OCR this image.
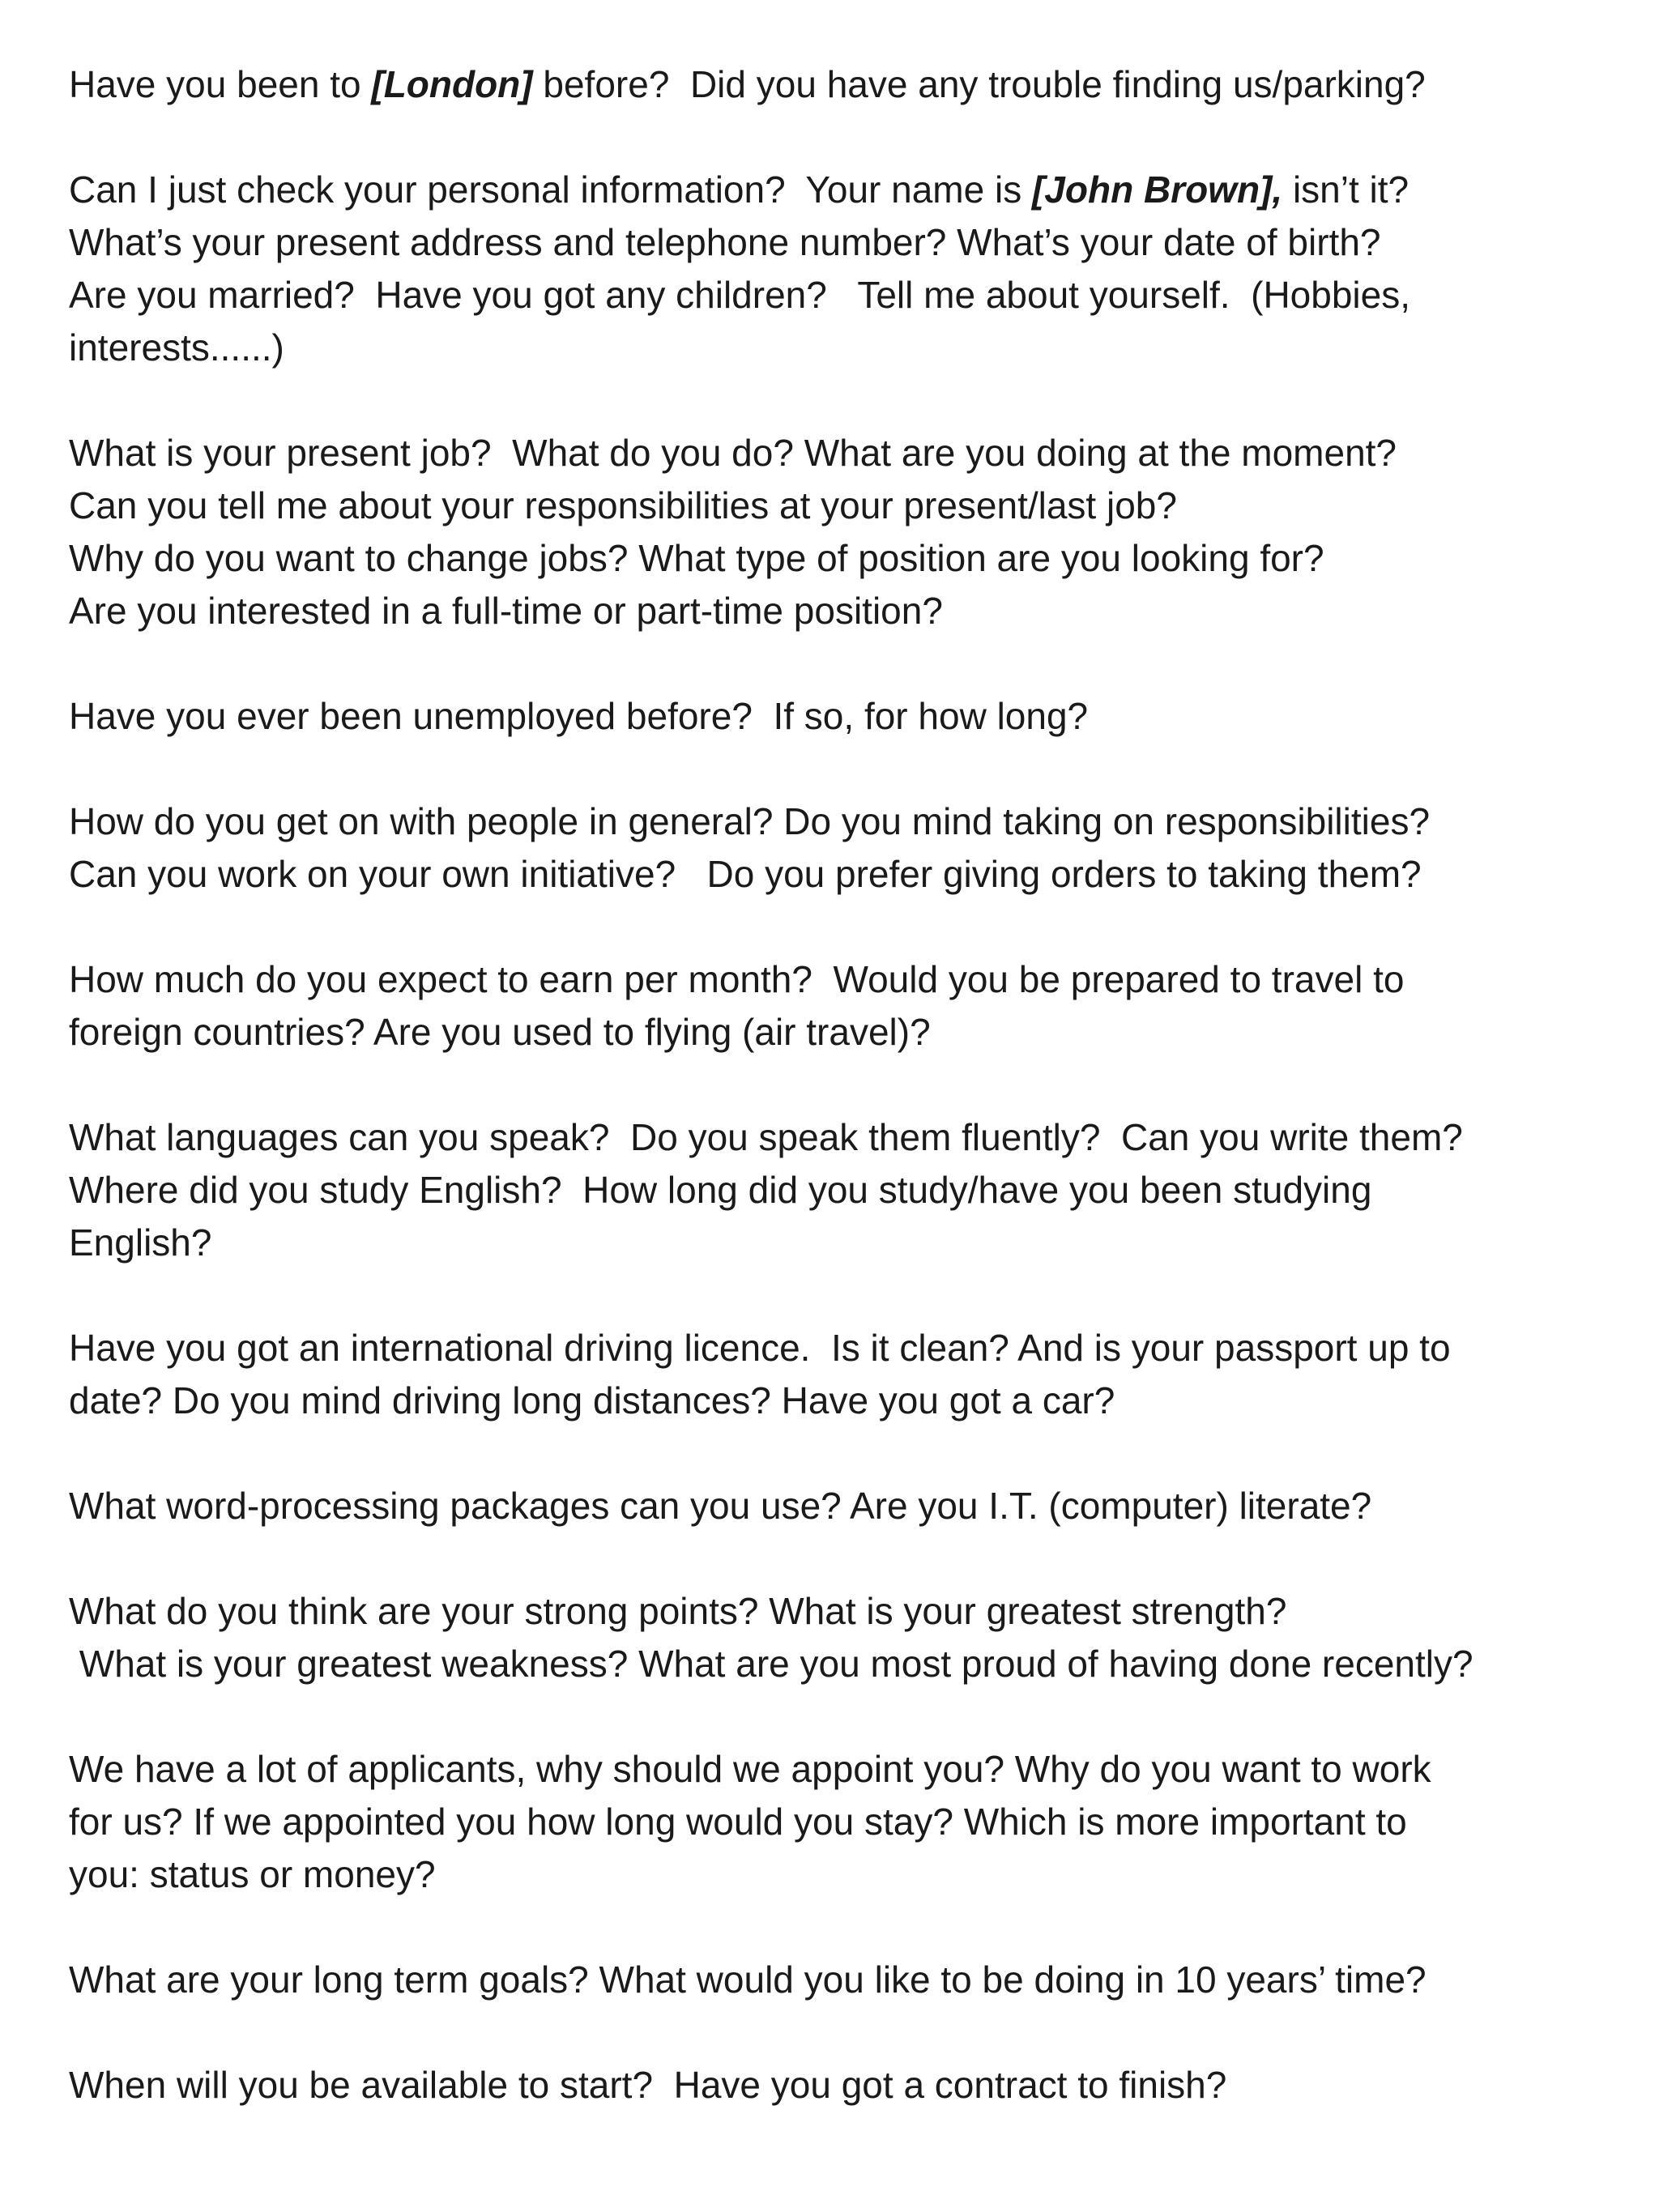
Have you been to [London] before?  Did you have any trouble finding us/parking?

Can I just check your personal information?  Your name is [John Brown], isn’t it?
What’s your present address and telephone number? What’s your date of birth?
Are you married?  Have you got any children?   Tell me about yourself.  (Hobbies,
interests......)

What is your present job?  What do you do? What are you doing at the moment?
Can you tell me about your responsibilities at your present/last job?
Why do you want to change jobs? What type of position are you looking for?
Are you interested in a full-time or part-time position?

Have you ever been unemployed before?  If so, for how long?

How do you get on with people in general? Do you mind taking on responsibilities?
Can you work on your own initiative?   Do you prefer giving orders to taking them?

How much do you expect to earn per month?  Would you be prepared to travel to
foreign countries? Are you used to flying (air travel)?

What languages can you speak?  Do you speak them fluently?  Can you write them?
Where did you study English?  How long did you study/have you been studying
English?

Have you got an international driving licence.  Is it clean? And is your passport up to
date? Do you mind driving long distances? Have you got a car?

What word-processing packages can you use? Are you I.T. (computer) literate?

What do you think are your strong points? What is your greatest strength?
What is your greatest weakness? What are you most proud of having done recently?

We have a lot of applicants, why should we appoint you? Why do you want to work
for us? If we appointed you how long would you stay? Which is more important to
you: status or money?

What are your long term goals? What would you like to be doing in 10 years’ time?

When will you be available to start?  Have you got a contract to finish?
